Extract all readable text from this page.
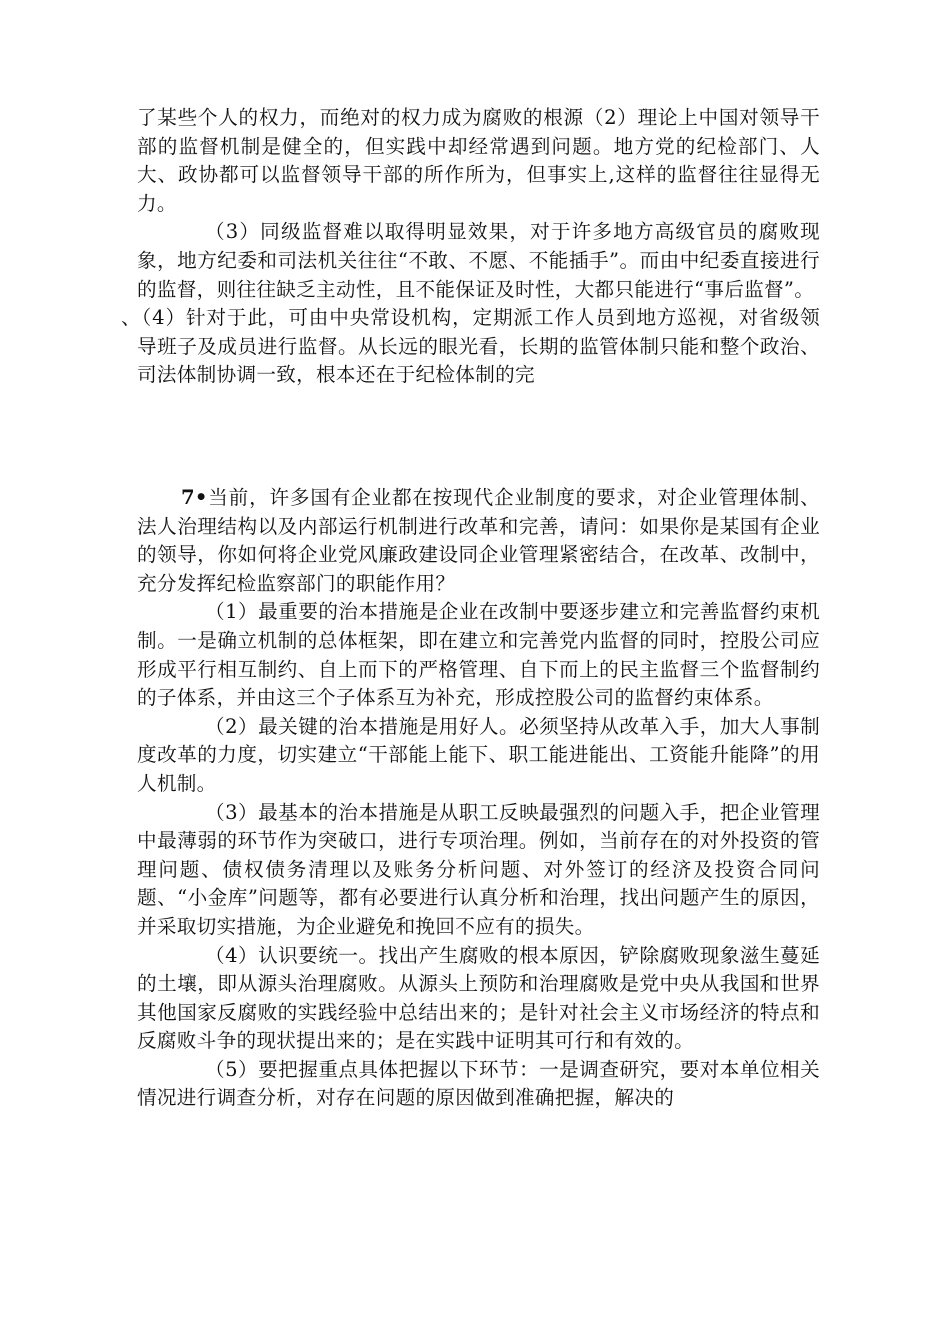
了某些个人的权力，而绝对的权力成为腐败的根源（2）理论上中国对领导干部的监督机制是健全的，但实践中却经常遇到问题。地方党的纪检部门、人大、政协都可以监督领导干部的所作所为，但事实上,这样的监督往往显得无力。

（3）同级监督难以取得明显效果，对于许多地方高级官员的腐败现象，地方纪委和司法机关往往“不敢、不愿、不能插手”。而由中纪委直接进行的监督，则往往缺乏主动性，且不能保证及时性，大都只能进行“事后监督”。

、（4）针对于此，可由中央常设机构，定期派工作人员到地方巡视，对省级领导班子及成员进行监督。从长远的眼光看，长期的监管体制只能和整个政治、司法体制协调一致，根本还在于纪检体制的完

7•当前，许多国有企业都在按现代企业制度的要求，对企业管理体制、法人治理结构以及内部运行机制进行改革和完善，请问：如果你是某国有企业的领导，你如何将企业党风廉政建设同企业管理紧密结合，在改革、改制中，充分发挥纪检监察部门的职能作用？

（1）最重要的治本措施是企业在改制中要逐步建立和完善监督约束机制。一是确立机制的总体框架，即在建立和完善党内监督的同时，控股公司应形成平行相互制约、自上而下的严格管理、自下而上的民主监督三个监督制约的子体系，并由这三个子体系互为补充，形成控股公司的监督约束体系。

（2）最关键的治本措施是用好人。必须坚持从改革入手，加大人事制度改革的力度，切实建立“干部能上能下、职工能进能出、工资能升能降”的用人机制。

（3）最基本的治本措施是从职工反映最强烈的问题入手，把企业管理中最薄弱的环节作为突破口，进行专项治理。例如，当前存在的对外投资的管理问题、债权债务清理以及账务分析问题、对外签订的经济及投资合同问题、“小金库”问题等，都有必要进行认真分析和治理，找出问题产生的原因，并采取切实措施，为企业避免和挽回不应有的损失。

（4）认识要统一。找出产生腐败的根本原因，铲除腐败现象滋生蔓延的土壤，即从源头治理腐败。从源头上预防和治理腐败是党中央从我国和世界其他国家反腐败的实践经验中总结出来的；是针对社会主义市场经济的特点和反腐败斗争的现状提出来的；是在实践中证明其可行和有效的。

（5）要把握重点具体把握以下环节：一是调查研究，要对本单位相关情况进行调查分析，对存在问题的原因做到准确把握，解决的
